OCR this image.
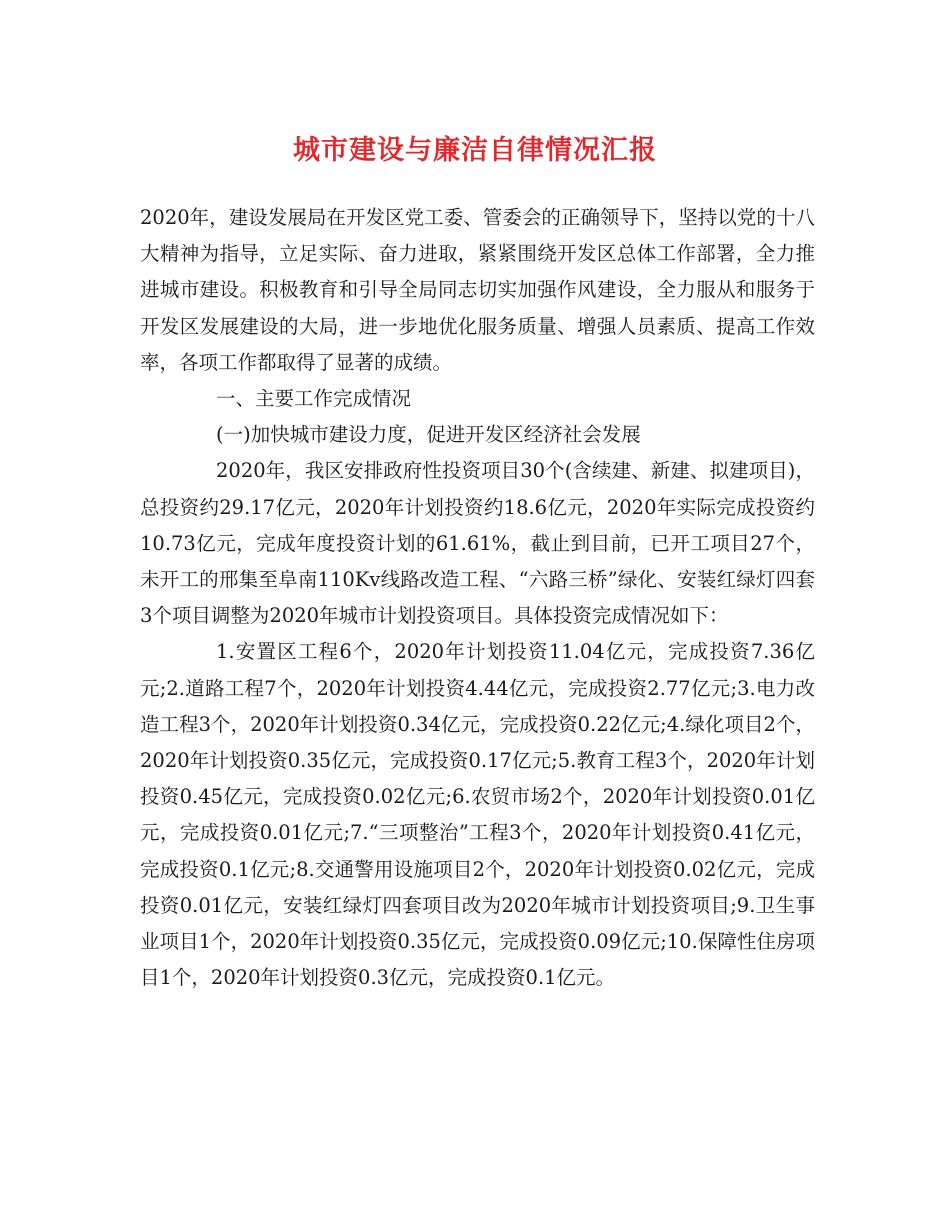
城市建设与廉洁自律情况汇报

2020年，建设发展局在开发区党工委、管委会的正确领导下，坚持以党的十八大精神为指导，立足实际、奋力进取，紧紧围绕开发区总体工作部署，全力推进城市建设。积极教育和引导全局同志切实加强作风建设，全力服从和服务于开发区发展建设的大局，进一步地优化服务质量、增强人员素质、提高工作效率，各项工作都取得了显著的成绩。

一、主要工作完成情况

(一)加快城市建设力度，促进开发区经济社会发展

2020年，我区安排政府性投资项目30个(含续建、新建、拟建项目)，总投资约29.17亿元，2020年计划投资约18.6亿元，2020年实际完成投资约10.73亿元，完成年度投资计划的61.61%，截止到目前，已开工项目27个，未开工的邢集至阜南110Kv线路改造工程、“六路三桥”绿化、安装红绿灯四套3个项目调整为2020年城市计划投资项目。具体投资完成情况如下：

1.安置区工程6个，2020年计划投资11.04亿元，完成投资7.36亿元;2.道路工程7个，2020年计划投资4.44亿元，完成投资2.77亿元;3.电力改造工程3个，2020年计划投资0.34亿元，完成投资0.22亿元;4.绿化项目2个，2020年计划投资0.35亿元，完成投资0.17亿元;5.教育工程3个，2020年计划投资0.45亿元，完成投资0.02亿元;6.农贸市场2个，2020年计划投资0.01亿元，完成投资0.01亿元;7.“三项整治”工程3个，2020年计划投资0.41亿元，完成投资0.1亿元;8.交通警用设施项目2个，2020年计划投资0.02亿元，完成投资0.01亿元，安装红绿灯四套项目改为2020年城市计划投资项目;9.卫生事业项目1个，2020年计划投资0.35亿元，完成投资0.09亿元;10.保障性住房项目1个，2020年计划投资0.3亿元，完成投资0.1亿元。
